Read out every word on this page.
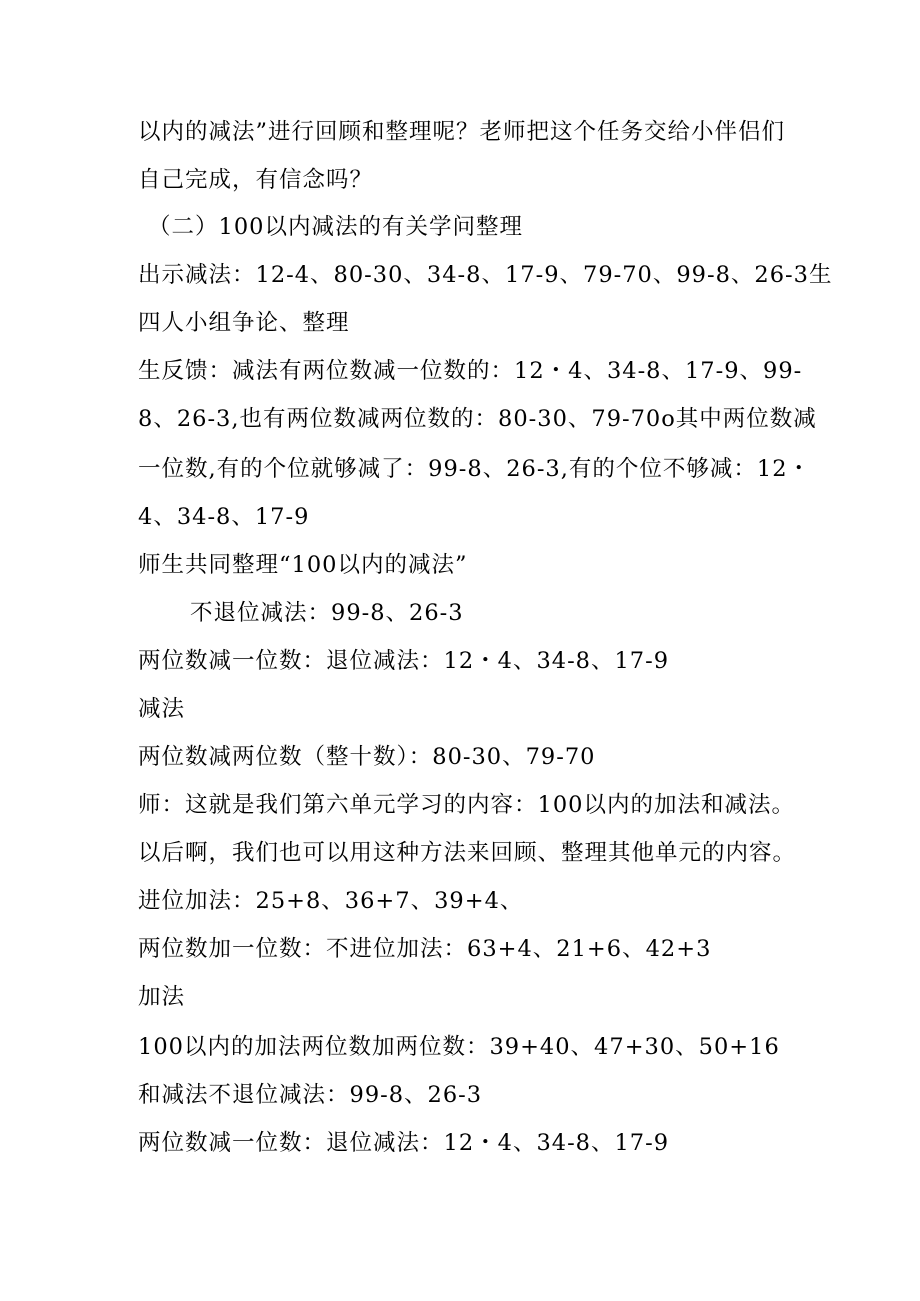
以内的减法”进行回顾和整理呢？老师把这个任务交给小伴侣们
自己完成，有信念吗？
（二）100以内减法的有关学问整理
出示减法：12-4、80-30、34-8、17-9、79-70、99-8、26-3生
四人小组争论、整理
生反馈：减法有两位数减一位数的：12・4、34-8、17-9、99-
8、26-3,也有两位数减两位数的：80-30、79-70o其中两位数减
一位数,有的个位就够减了：99-8、26-3,有的个位不够减：12・
4、34-8、17-9
师生共同整理“100以内的减法”
不退位减法：99-8、26-3
两位数减一位数：退位减法：12・4、34-8、17-9
减法
两位数减两位数（整十数）：80-30、79-70
师：这就是我们第六单元学习的内容：100以内的加法和减法。
以后啊，我们也可以用这种方法来回顾、整理其他单元的内容。
进位加法：25+8、36+7、39+4、
两位数加一位数：不进位加法：63+4、21+6、42+3
加法
100以内的加法两位数加两位数：39+40、47+30、50+16
和减法不退位减法：99-8、26-3
两位数减一位数：退位减法：12・4、34-8、17-9
